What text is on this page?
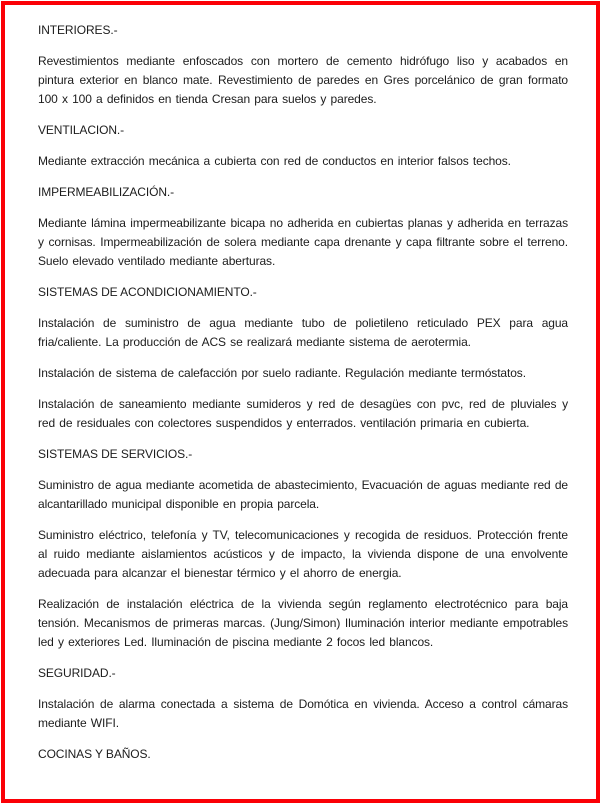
INTERIORES.-

Revestimientos mediante enfoscados con mortero de cemento hidrófugo liso y acabados en pintura exterior en blanco mate. Revestimiento de paredes en Gres porcelánico de gran formato 100 x 100 a definidos en tienda Cresan para suelos y paredes.

VENTILACION.-

Mediante extracción mecánica a cubierta con red de conductos en interior falsos techos.

IMPERMEABILIZACIÓN.-

Mediante lámina impermeabilizante bicapa no adherida en cubiertas planas y adherida en terrazas y cornisas. Impermeabilización de solera mediante capa drenante y capa filtrante sobre el terreno. Suelo elevado ventilado mediante aberturas.

SISTEMAS DE ACONDICIONAMIENTO.-

Instalación de suministro de agua mediante tubo de polietileno reticulado PEX para agua fria/caliente. La producción de ACS se realizará mediante sistema de aerotermia.

Instalación de sistema de calefacción por suelo radiante. Regulación mediante termóstatos.

Instalación de saneamiento mediante sumideros y red de desagües con pvc, red de pluviales y red de residuales con colectores suspendidos y enterrados. ventilación primaria en cubierta.

SISTEMAS DE SERVICIOS.-

Suministro de agua mediante acometida de abastecimiento, Evacuación de aguas mediante red de alcantarillado municipal disponible en propia parcela.

Suministro eléctrico, telefonía y TV, telecomunicaciones y recogida de residuos. Protección frente al ruido mediante aislamientos acústicos y de impacto, la vivienda dispone de una envolvente adecuada para alcanzar el bienestar térmico y el ahorro de energia.

Realización de instalación eléctrica de la vivienda según reglamento electrotécnico para baja tensión. Mecanismos de primeras marcas. (Jung/Simon) Iluminación interior mediante empotrables led y exteriores Led. Iluminación de piscina mediante 2 focos led blancos.

SEGURIDAD.-

Instalación de alarma conectada a sistema de Domótica en vivienda. Acceso a control cámaras mediante WIFI.

COCINAS Y BAÑOS.
